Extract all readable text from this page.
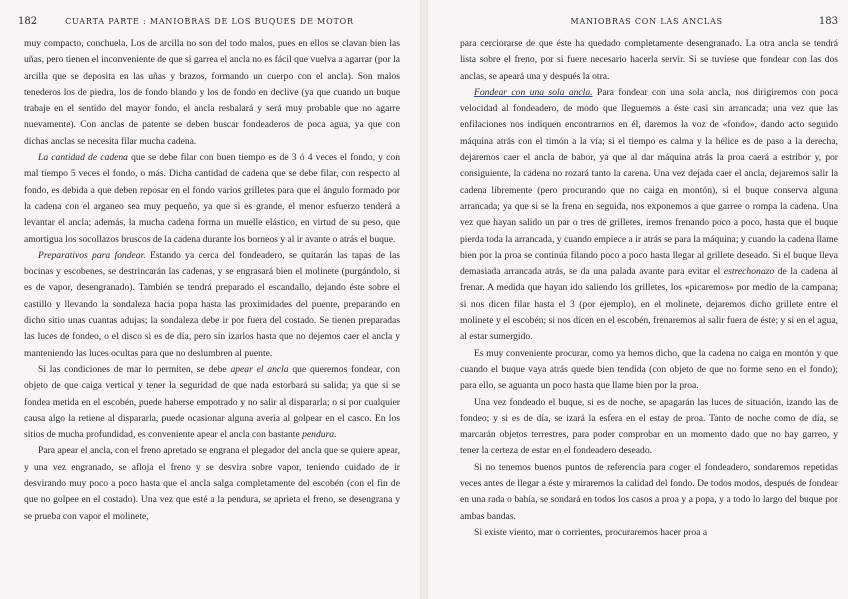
182	CUARTA PARTE : MANIOBRAS DE LOS BUQUES DE MOTOR

muy compacto, conchuela. Los de arcilla no son del todo malos, pues en ellos se clavan bien las uñas, pero tienen el inconveniente de que si garrea el ancla no es fácil que vuelva a agarrar (por la arcilla que se deposita en las uñas y brazos, formando un cuerpo con el ancla). Son malos tenederos los de piedra, los de fondo blando y los de fondo en declive (ya que cuando un buque trabaje en el sentido del mayor fondo, el ancla resbalará y será muy probable que no agarre nuevamente). Con anclas de patente se deben buscar fondeaderos de poca agua, ya que con dichas anclas se necesita filar mucha cadena.

La cantidad de cadena que se debe filar con buen tiempo es de 3 ó 4 veces el fondo, y con mal tiempo 5 veces el fondo, o más. Dicha cantidad de cadena que se debe filar, con respecto al fondo, es debida a que deben reposar en el fondo varios grilletes para que el ángulo formado por la cadena con el arganeo sea muy pequeño, ya que si es grande, el menor esfuerzo tenderá a levantar el ancla; además, la mucha cadena forma un muelle elástico, en virtud de su peso, que amortigua los socollazos bruscos de la cadena durante los borneos y al ir avante o atrás el buque.

Preparativos para fondear. Estando ya cerca del fondeadero, se quitarán las tapas de las bocinas y escobenes, se destrincarán las cadenas, y se engrasará bien el molinete (purgándolo, si es de vapor, desengranado). También se tendrá preparado el escandallo, dejando éste sobre el castillo y llevando la sondaleza hacia popa hasta las proximidades del puente, preparando en dicho sitio unas cuantas adujas; la sondaleza debe ir por fuera del costado. Se tienen preparadas las luces de fondeo, o el disco si es de día, pero sin izarlos hasta que no dejemos caer el ancla y manteniendo las luces ocultas para que no deslumbren al puente.

Si las condiciones de mar lo permiten, se debe apear el ancla que queremos fondear, con objeto de que caiga vertical y tener la seguridad de que nada estorbará su salida; ya que si se fondea metida en el escobén, puede haberse empotrado y no salir al dispararla; o si por cualquier causa algo la retiene al dispararla, puede ocasionar alguna avería al golpear en el casco. En los sitios de mucha profundidad, es conveniente apear el ancla con bastante pendura.

Para apear el ancla, con el freno apretado se engrana el plegador del ancla que se quiere apear, y una vez engranado, se afloja el freno y se desvira sobre vapor, teniendo cuidado de ir desvirando muy poco a poco hasta que el ancla salga completamente del escobén (con el fin de que no golpee en el costado). Una vez que esté a la pendura, se aprieta el freno, se desengrana y se prueba con vapor el molinete,

MANIOBRAS CON LAS ANCLAS	183

para cerciorarse de que éste ha quedado completamente desengranado. La otra ancla se tendrá lista sobre el freno, por si fuere necesario hacerla servir. Si se tuviese que fondear con las dos anclas, se apeará una y después la otra.

Fondear con una sola ancla. Para fondear con una sola ancla, nos dirigiremos con poca velocidad al fondeadero, de modo que lleguemos a éste casi sin arrancada; una vez que las enfilaciones nos indiquen encontrarnos en él, daremos la voz de «fondo», dando acto seguido máquina atrás con el timón a la vía; si el tiempo es calma y la hélice es de paso a la derecha, dejaremos caer el ancla de babor, ya que al dar máquina atrás la proa caerá a estribor y, por consiguiente, la cadena no rozará tanto la carena. Una vez dejada caer el ancla, dejaremos salir la cadena libremente (pero procurando que no caiga en montón), si el buque conserva alguna arrancada; ya que si se la frena en seguida, nos exponemos a que garree o rompa la cadena. Una vez que hayan salido un par o tres de grilletes, iremos frenando poco a poco, hasta que el buque pierda toda la arrancada, y cuando empiece a ir atrás se para la máquina; y cuando la cadena llame bien por la proa se continúa filando poco a poco hasta llegar al grillete deseado. Si el buque lleva demasiada arrancada atrás, se da una palada avante para evitar el estrechonazo de la cadena al frenar. A medida que hayan ido saliendo los grilletes, los «picaremos» por medio de la campana; si nos dicen filar hasta el 3 (por ejemplo), en el molinete, dejaremos dicho grillete entre el molinete y el escobén; si nos dicen en el escobén, frenaremos al salir fuera de éste; y si en el agua, al estar sumergido.

Es muy conveniente procurar, como ya hemos dicho, que la cadena no caiga en montón y que cuando el buque vaya atrás quede bien tendida (con objeto de que no forme seno en el fondo); para ello, se aguanta un poco hasta que llame bien por la proa.

Una vez fondeado el buque, si es de noche, se apagarán las luces de situación, izando las de fondeo; y si es de día, se izará la esfera en el estay de proa. Tanto de noche como de día, se marcarán objetos terrestres, para poder comprobar en un momento dado que no hay garreo, y tener la certeza de estar en el fondeadero deseado.

Si no tenemos buenos puntos de referencia para coger el fondeadero, sondaremos repetidas veces antes de llegar a éste y miraremos la calidad del fondo. De todos modos, después de fondear en una rada o bahía, se sondará en todos los casos a proa y a popa, y a todo lo largo del buque por ambas bandas.

Si existe viento, mar o corrientes, procuraremos hacer proa a
